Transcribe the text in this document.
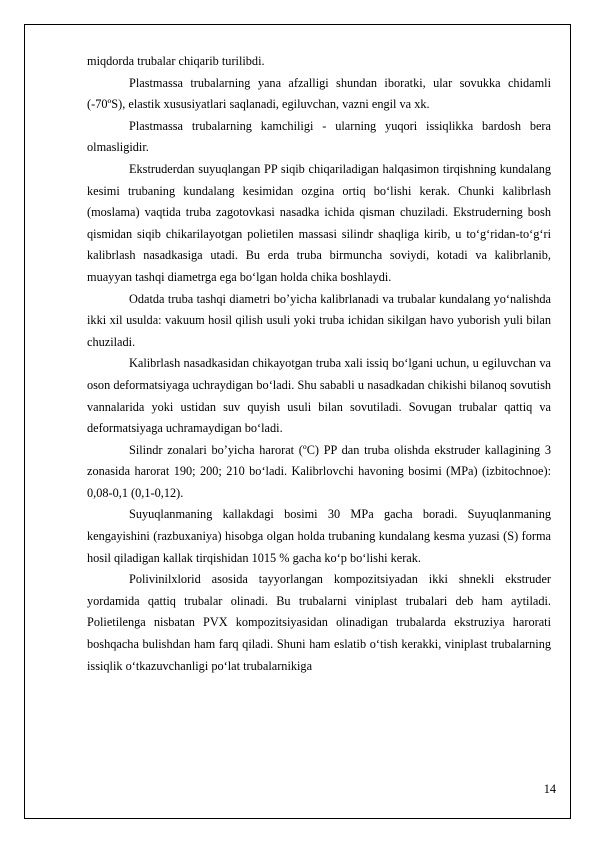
miqdorda trubalar chiqarib turilibdi.

Plastmassa trubalarning yana afzalligi shundan iboratki, ular sovukka chidamli (-70ºS), elastik xususiyatlari saqlanadi, egiluvchan, vazni engil va xk.

Plastmassa trubalarning kamchiligi - ularning yuqori issiqlikka bardosh bera olmasligidir.

Ekstruderdan suyuqlangan PP siqib chiqariladigan halqasimon tirqishning kundalang kesimi trubaning kundalang kesimidan ozgina ortiq bo‘lishi kerak. Chunki kalibrlash (moslama) vaqtida truba zagotovkasi nasadka ichida qisman chuziladi. Ekstruderning bosh qismidan siqib chikarilayotgan polietilen massasi silindr shaqliga kirib, u to‘g‘ridan-to‘g‘ri kalibrlash nasadkasiga utadi. Bu erda truba birmuncha soviydi, kotadi va kalibrlanib, muayyan tashqi diametrga ega bo‘lgan holda chika boshlaydi.

Odatda truba tashqi diametri bo’yicha kalibrlanadi va trubalar kundalang yo‘nalishda ikki xil usulda: vakuum hosil qilish usuli yoki truba ichidan sikilgan havo yuborish yuli bilan chuziladi.

Kalibrlash nasadkasidan chikayotgan truba xali issiq bo‘lgani uchun, u egiluvchan va oson deformatsiyaga uchraydigan bo‘ladi. Shu sababli u nasadkadan chikishi bilanoq sovutish vannalarida yoki ustidan suv quyish usuli bilan sovutiladi. Sovugan trubalar qattiq va deformatsiyaga uchramaydigan bo‘ladi.

Silindr zonalari bo’yicha harorat (ºC) PP dan truba olishda ekstruder kallagining 3 zonasida harorat 190; 200; 210 bo‘ladi. Kalibrlovchi havoning bosimi (MPa) (izbitochnoe): 0,08-0,1 (0,1-0,12).

Suyuqlanmaning kallakdagi bosimi 30 MPa gacha boradi. Suyuqlanmaning kengayishini (razbuxaniya) hisobga olgan holda trubaning kundalang kesma yuzasi (S) forma hosil qiladigan kallak tirqishidan 1015 % gacha ko‘p bo‘lishi kerak.

Polivinilxlorid asosida tayyorlangan kompozitsiyadan ikki shnekli ekstruder yordamida qattiq trubalar olinadi. Bu trubalarni viniplast trubalari deb ham aytiladi. Polietilenga nisbatan PVX kompozitsiyasidan olinadigan trubalarda ekstruziya harorati boshqacha bulishdan ham farq qiladi. Shuni ham eslatib o‘tish kerakki, viniplast trubalarning issiqlik o‘tkazuvchanligi po‘lat trubalarnikiga

14
